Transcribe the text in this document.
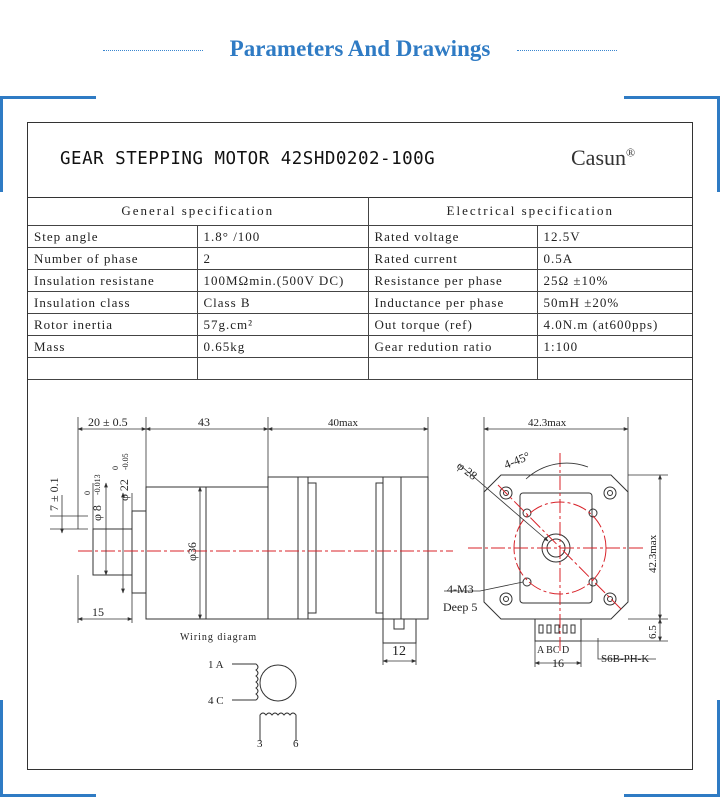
Parameters And Drawings
GEAR STEPPING MOTOR 42SHD0202-100G	Casun®
General specification		Electrical specification	
Step angle	1.8° /100	Rated voltage	12.5V
Number of phase	2	Rated current	0.5A
Insulation resistane	100MΩmin.(500V DC)	Resistance per phase	25Ω ±10%
Insulation class	Class B	Inductance per phase	50mH ±20%
Rotor inertia	57g.cm²	Out torque (ref)	4.0N.m (at600pps)
Mass	0.65kg	Gear redution ratio	1:100

20 ± 0.5	43	40max
7 ± 0.1
φ 8
0 -0.013 φ 22
0 -0.05
φ36
15
12
42.3max
42.3max
φ 28 4-45°
4-M3
Deep 5
6.5
A BC D
16	S6B-PH-K
Wiring diagram
1 A
4 C
3	6
